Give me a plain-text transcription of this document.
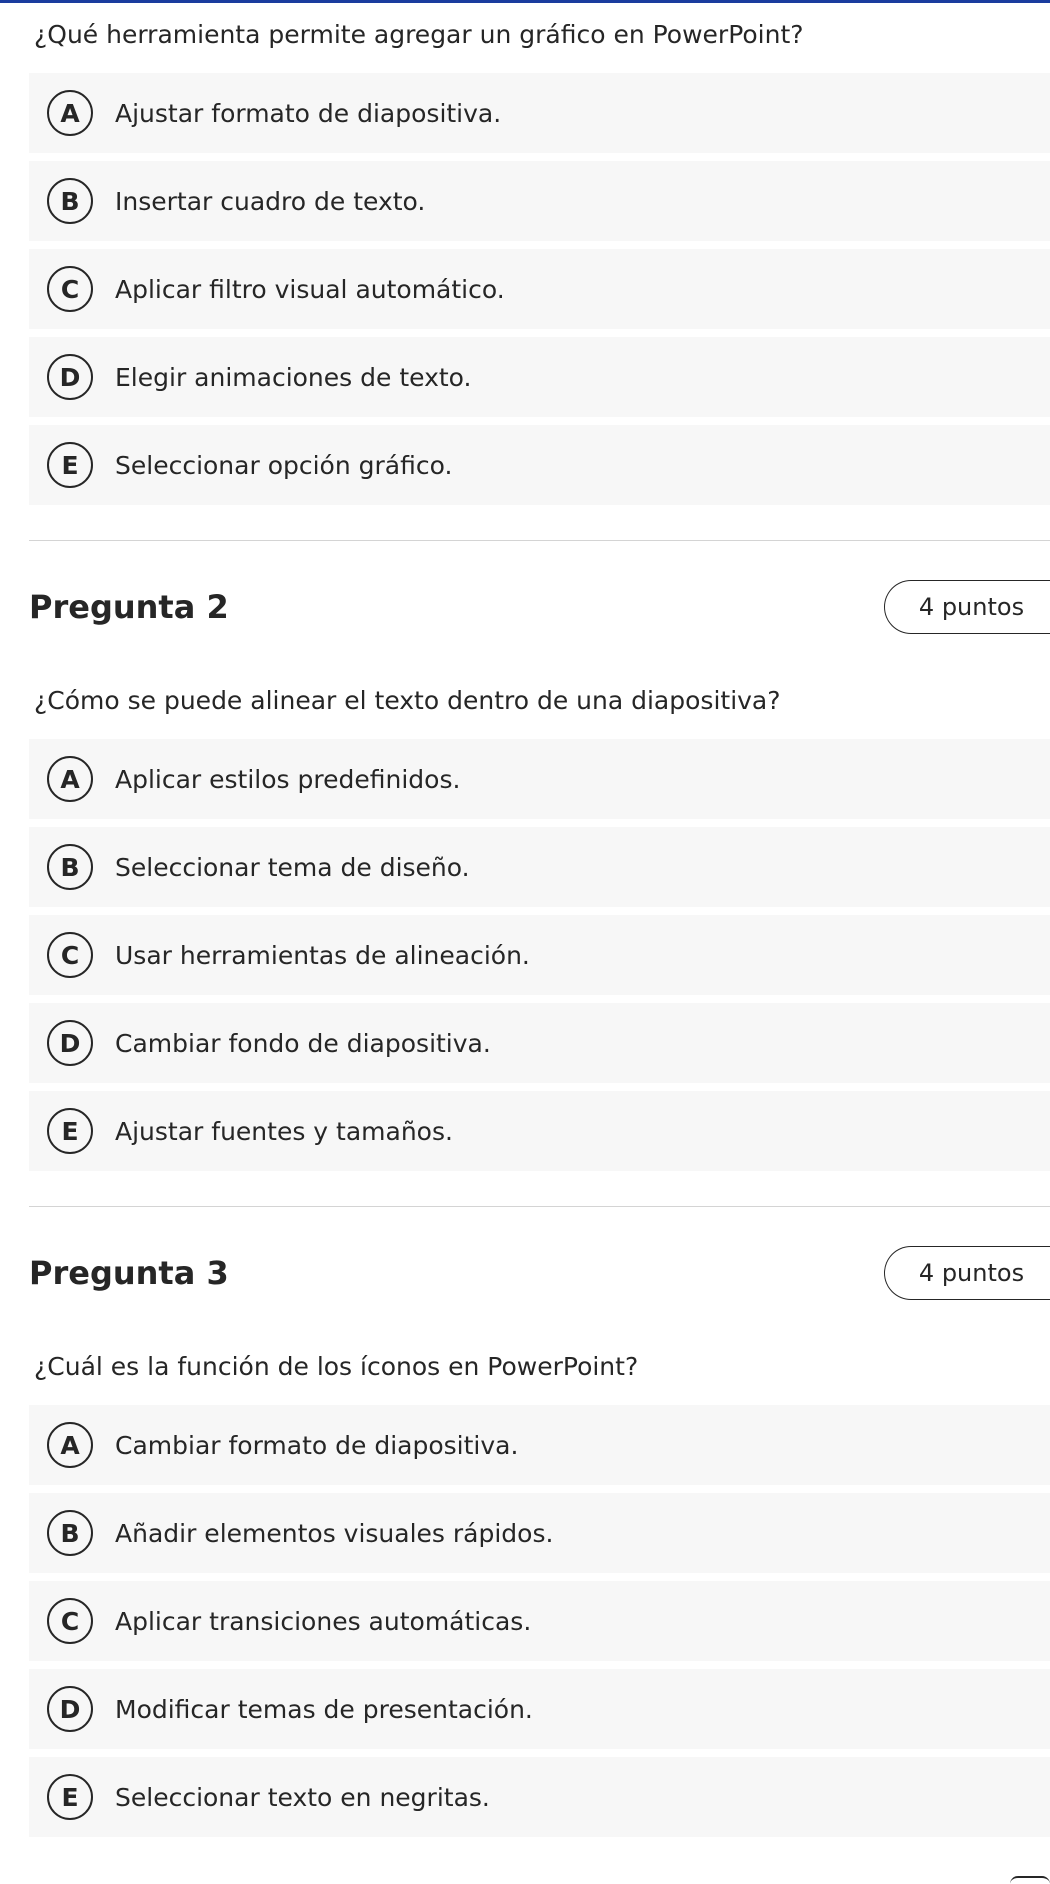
¿Qué herramienta permite agregar un gráfico en PowerPoint?

A	Ajustar formato de diapositiva.
B	Insertar cuadro de texto.
C	Aplicar filtro visual automático.
D	Elegir animaciones de texto.
E	Seleccionar opción gráfico.
Pregunta 2	4 puntos

¿Cómo se puede alinear el texto dentro de una diapositiva?

A	Aplicar estilos predefinidos.
B	Seleccionar tema de diseño.
C	Usar herramientas de alineación.
D	Cambiar fondo de diapositiva.
E	Ajustar fuentes y tamaños.
Pregunta 3	4 puntos

¿Cuál es la función de los íconos en PowerPoint?

A	Cambiar formato de diapositiva.
B	Añadir elementos visuales rápidos.
C	Aplicar transiciones automáticas.
D	Modificar temas de presentación.
E	Seleccionar texto en negritas.
